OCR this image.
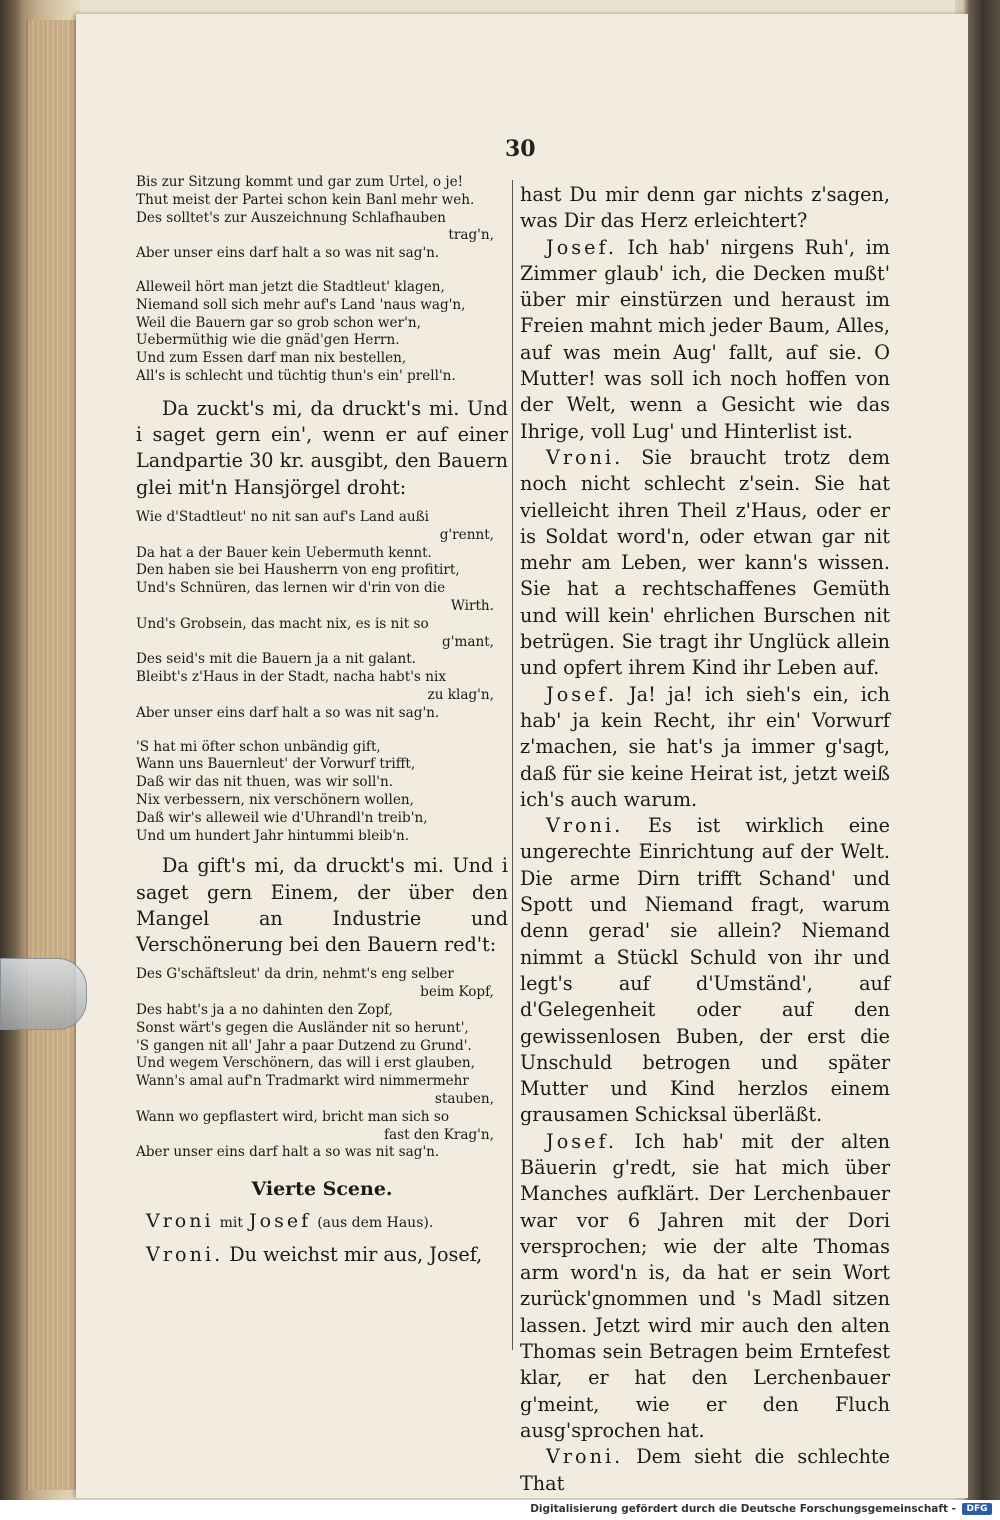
30

Bis zur Sitzung kommt und gar zum Urtel, o je!
Thut meist der Partei schon kein Banl mehr weh.
Des solltet's zur Auszeichnung Schlafhauben
trag'n,
Aber unser eins darf halt a so was nit sag'n.

Alleweil hört man jetzt die Stadtleut' klagen,
Niemand soll sich mehr auf's Land 'naus wag'n,
Weil die Bauern gar so grob schon wer'n,
Uebermüthig wie die gnäd'gen Herrn.
Und zum Essen darf man nix bestellen,
All's is schlecht und tüchtig thun's ein' prell'n.

Da zuckt's mi, da druckt's mi. Und i saget gern ein', wenn er auf einer Landpartie 30 kr. ausgibt, den Bauern glei mit'n Hansjörgel droht:

Wie d'Stadtleut' no nit san auf's Land außi
g'rennt,
Da hat a der Bauer kein Uebermuth kennt.
Den haben sie bei Hausherrn von eng profitirt,
Und's Schnüren, das lernen wir d'rin von die
Wirth.
Und's Grobsein, das macht nix, es is nit so
g'mant,
Des seid's mit die Bauern ja a nit galant.
Bleibt's z'Haus in der Stadt, nacha habt's nix
zu klag'n,
Aber unser eins darf halt a so was nit sag'n.

'S hat mi öfter schon unbändig gift,
Wann uns Bauernleut' der Vorwurf trifft,
Daß wir das nit thuen, was wir soll'n.
Nix verbessern, nix verschönern wollen,
Daß wir's alleweil wie d'Uhrandl'n treib'n,
Und um hundert Jahr hintummi bleib'n.

Da gift's mi, da druckt's mi. Und i saget gern Einem, der über den Mangel an Industrie und Verschönerung bei den Bauern red't:

Des G'schäftsleut' da drin, nehmt's eng selber
beim Kopf,
Des habt's ja a no dahinten den Zopf,
Sonst wärt's gegen die Ausländer nit so herunt',
'S gangen nit all' Jahr a paar Dutzend zu Grund'.
Und wegem Verschönern, das will i erst glauben,
Wann's amal auf'n Tradmarkt wird nimmermehr
stauben,
Wann wo gepflastert wird, bricht man sich so
fast den Krag'n,
Aber unser eins darf halt a so was nit sag'n.

Vierte Scene.

Vroni mit Josef (aus dem Haus).

Vroni. Du weichst mir aus, Josef,

hast Du mir denn gar nichts z'sagen, was Dir das Herz erleichtert?

Josef. Ich hab' nirgens Ruh', im Zimmer glaub' ich, die Decken mußt' über mir einstürzen und heraust im Freien mahnt mich jeder Baum, Alles, auf was mein Aug' fallt, auf sie. O Mutter! was soll ich noch hoffen von der Welt, wenn a Gesicht wie das Ihrige, voll Lug' und Hinterlist ist.

Vroni. Sie braucht trotz dem noch nicht schlecht z'sein. Sie hat vielleicht ihren Theil z'Haus, oder er is Soldat word'n, oder etwan gar nit mehr am Leben, wer kann's wissen. Sie hat a rechtschaffenes Gemüth und will kein' ehrlichen Burschen nit betrügen. Sie tragt ihr Unglück allein und opfert ihrem Kind ihr Leben auf.

Josef. Ja! ja! ich sieh's ein, ich hab' ja kein Recht, ihr ein' Vorwurf z'machen, sie hat's ja immer g'sagt, daß für sie keine Heirat ist, jetzt weiß ich's auch warum.

Vroni. Es ist wirklich eine ungerechte Einrichtung auf der Welt. Die arme Dirn trifft Schand' und Spott und Niemand fragt, warum denn gerad' sie allein? Niemand nimmt a Stückl Schuld von ihr und legt's auf d'Umständ', auf d'Gelegenheit oder auf den gewissenlosen Buben, der erst die Unschuld betrogen und später Mutter und Kind herzlos einem grausamen Schicksal überläßt.

Josef. Ich hab' mit der alten Bäuerin g'redt, sie hat mich über Manches aufklärt. Der Lerchenbauer war vor 6 Jahren mit der Dori versprochen; wie der alte Thomas arm word'n is, da hat er sein Wort zurück'gnommen und 's Madl sitzen lassen. Jetzt wird mir auch den alten Thomas sein Betragen beim Erntefest klar, er hat den Lerchenbauer g'meint, wie er den Fluch ausg'sprochen hat.

Vroni. Dem sieht die schlechte That

Digitalisierung gefördert durch die Deutsche Forschungsgemeinschaft -	DFG
